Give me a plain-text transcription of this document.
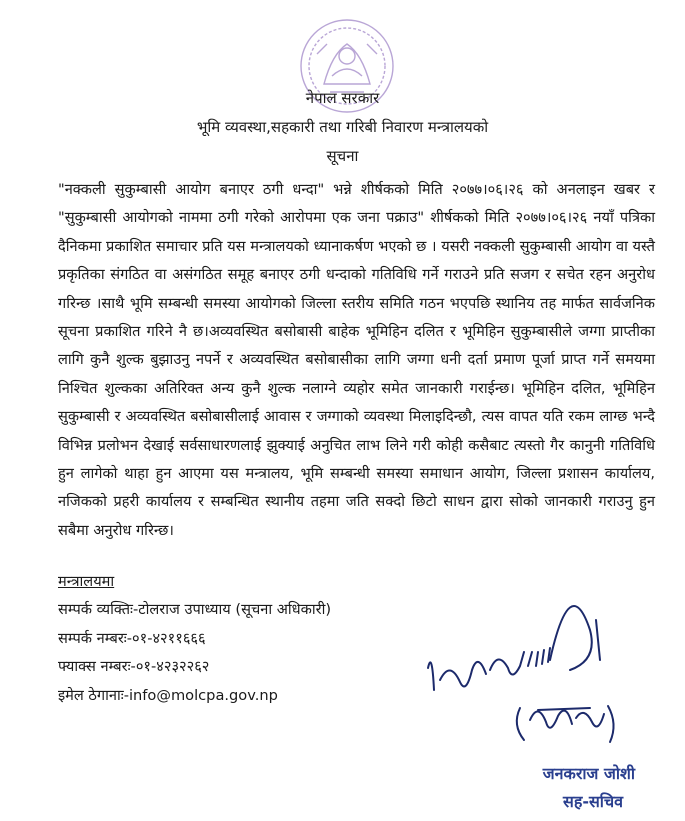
नेपाल सरकार
भूमि व्यवस्था,सहकारी तथा गरिबी निवारण मन्त्रालयको
सूचना
"नक्कली सुकुम्बासी आयोग बनाएर ठगी धन्दा" भन्ने शीर्षकको मिति २०७७।०६।२६ को अनलाइन खबर र "सुकुम्बासी आयोगको नाममा ठगी गरेको आरोपमा एक जना पक्राउ" शीर्षकको मिति २०७७।०६।२६ नयाँ पत्रिका दैनिकमा प्रकाशित समाचार प्रति यस मन्त्रालयको ध्यानाकर्षण भएको छ । यसरी नक्कली सुकुम्बासी आयोग वा यस्तै प्रकृतिका संगठित वा असंगठित समूह बनाएर ठगी धन्दाको गतिविधि गर्ने गराउने प्रति सजग र सचेत रहन अनुरोध गरिन्छ ।साथै भूमि सम्बन्धी समस्या आयोगको जिल्ला स्तरीय समिति गठन भएपछि स्थानिय तह मार्फत सार्वजनिक सूचना प्रकाशित गरिने नै छ।अव्यवस्थित बसोबासी बाहेक भूमिहिन दलित र भूमिहिन सुकुम्बासीले जग्गा प्राप्तीका लागि कुनै शुल्क बुझाउनु नपर्ने र अव्यवस्थित बसोबासीका लागि जग्गा धनी दर्ता प्रमाण पूर्जा प्राप्त गर्ने समयमा निश्चित शुल्कका अतिरिक्त अन्य कुनै शुल्क नलाग्ने व्यहोर समेत जानकारी गराईन्छ। भूमिहिन दलित, भूमिहिन सुकुम्बासी र अव्यवस्थित बसोबासीलाई आवास र जग्गाको व्यवस्था मिलाइदिन्छौ, त्यस वापत यति रकम लाग्छ भन्दै विभिन्न प्रलोभन देखाई सर्वसाधारणलाई झुक्याई अनुचित लाभ लिने गरी कोही कसैबाट त्यस्तो गैर कानुनी गतिविधि हुन लागेको थाहा हुन आएमा यस मन्त्रालय, भूमि सम्बन्धी समस्या समाधान आयोग, जिल्ला प्रशासन कार्यालय, नजिकको प्रहरी कार्यालय र सम्बन्धित स्थानीय तहमा जति सक्दो छिटो साधन द्वारा सोको जानकारी गराउनु हुन सबैमा अनुरोध गरिन्छ।
मन्त्रालयमा
सम्पर्क व्यक्तिः-टोलराज उपाध्याय (सूचना अधिकारी)
सम्पर्क नम्बरः-०१-४२११६६६
फ्याक्स नम्बरः-०१-४२३२२६२
इमेल ठेगानाः-info@molcpa.gov.np
जनकराज जोशी
सह-सचिव
